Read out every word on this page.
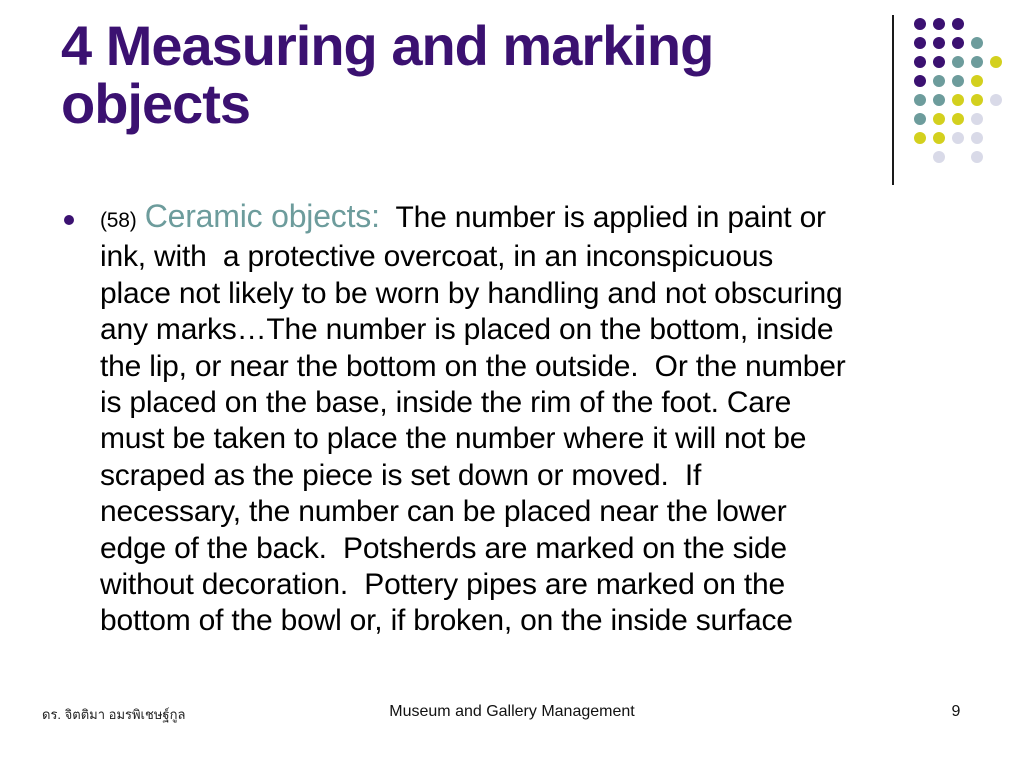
4 Measuring and marking objects
(58) Ceramic objects:  The number is applied in paint or
ink, with  a protective overcoat, in an inconspicuous
place not likely to be worn by handling and not obscuring
any marks…The number is placed on the bottom, inside
the lip, or near the bottom on the outside.  Or the number
is placed on the base, inside the rim of the foot. Care
must be taken to place the number where it will not be
scraped as the piece is set down or moved.  If
necessary, the number can be placed near the lower
edge of the back.  Potsherds are marked on the side
without decoration.  Pottery pipes are marked on the
bottom of the bowl or, if broken, on the inside surface
ดร. จิตติมา อมรพิเชษฐ์กูล	Museum and Gallery Management	9
